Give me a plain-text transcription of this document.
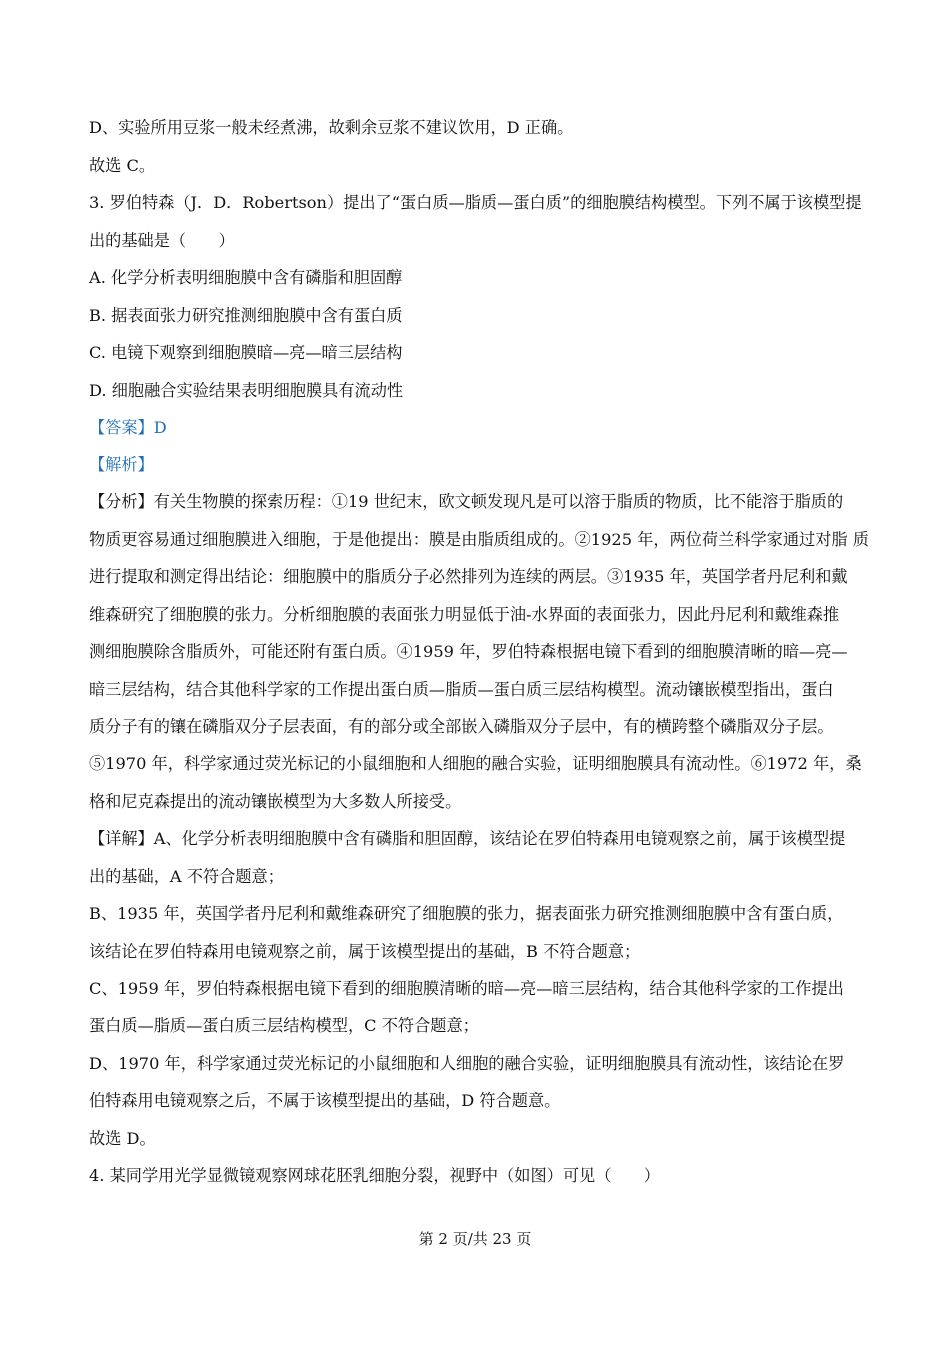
D、实验所用豆浆一般未经煮沸，故剩余豆浆不建议饮用，D 正确。
故选 C。
3. 罗伯特森（J．D．Robertson）提出了“蛋白质—脂质—蛋白质”的细胞膜结构模型。下列不属于该模型提
出的基础是（　　）
A. 化学分析表明细胞膜中含有磷脂和胆固醇
B. 据表面张力研究推测细胞膜中含有蛋白质
C. 电镜下观察到细胞膜暗—亮—暗三层结构
D. 细胞融合实验结果表明细胞膜具有流动性
【答案】D
【解析】
【分析】有关生物膜的探索历程：①19 世纪末，欧文顿发现凡是可以溶于脂质的物质，比不能溶于脂质的
物质更容易通过细胞膜进入细胞，于是他提出：膜是由脂质组成的。②1925 年，两位荷兰科学家通过对脂 质
进行提取和测定得出结论：细胞膜中的脂质分子必然排列为连续的两层。③1935 年，英国学者丹尼利和戴
维森研究了细胞膜的张力。分析细胞膜的表面张力明显低于油-水界面的表面张力，因此丹尼利和戴维森推
测细胞膜除含脂质外，可能还附有蛋白质。④1959 年，罗伯特森根据电镜下看到的细胞膜清晰的暗—亮—
暗三层结构，结合其他科学家的工作提出蛋白质—脂质—蛋白质三层结构模型。流动镶嵌模型指出，蛋白
质分子有的镶在磷脂双分子层表面，有的部分或全部嵌入磷脂双分子层中，有的横跨整个磷脂双分子层。
⑤1970 年，科学家通过荧光标记的小鼠细胞和人细胞的融合实验，证明细胞膜具有流动性。⑥1972 年，桑
格和尼克森提出的流动镶嵌模型为大多数人所接受。
【详解】A、化学分析表明细胞膜中含有磷脂和胆固醇，该结论在罗伯特森用电镜观察之前，属于该模型提
出的基础，A 不符合题意；
B、1935 年，英国学者丹尼利和戴维森研究了细胞膜的张力，据表面张力研究推测细胞膜中含有蛋白质，
该结论在罗伯特森用电镜观察之前，属于该模型提出的基础，B 不符合题意；
C、1959 年，罗伯特森根据电镜下看到的细胞膜清晰的暗—亮—暗三层结构，结合其他科学家的工作提出
蛋白质—脂质—蛋白质三层结构模型，C 不符合题意；
D、1970 年，科学家通过荧光标记的小鼠细胞和人细胞的融合实验，证明细胞膜具有流动性，该结论在罗
伯特森用电镜观察之后，不属于该模型提出的基础，D 符合题意。
故选 D。
4. 某同学用光学显微镜观察网球花胚乳细胞分裂，视野中（如图）可见（　　）
第 2 页/共 23 页
